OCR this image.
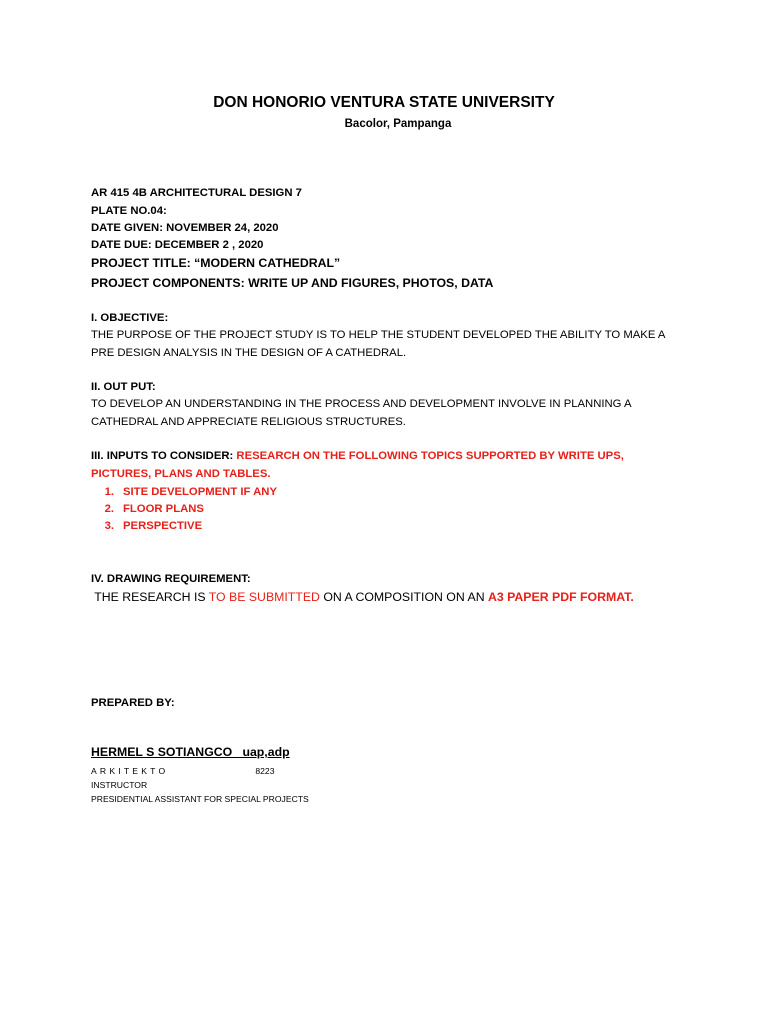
DON HONORIO VENTURA STATE UNIVERSITY
Bacolor, Pampanga
AR 415 4B ARCHITECTURAL DESIGN 7
PLATE NO.04:
DATE GIVEN: NOVEMBER 24, 2020
DATE DUE: DECEMBER 2 , 2020
PROJECT TITLE: “MODERN CATHEDRAL”
PROJECT COMPONENTS: WRITE UP AND FIGURES, PHOTOS, DATA
I. OBJECTIVE:
THE PURPOSE OF THE PROJECT STUDY IS TO HELP THE STUDENT DEVELOPED THE ABILITY TO MAKE A
PRE DESIGN ANALYSIS IN THE DESIGN OF A CATHEDRAL.
II. OUT PUT:
TO DEVELOP AN UNDERSTANDING IN THE PROCESS AND DEVELOPMENT INVOLVE IN PLANNING A
CATHEDRAL AND APPRECIATE RELIGIOUS STRUCTURES.
III. INPUTS TO CONSIDER: RESEARCH ON THE FOLLOWING TOPICS SUPPORTED BY WRITE UPS,
PICTURES, PLANS AND TABLES.
1. SITE DEVELOPMENT IF ANY
2. FLOOR PLANS
3. PERSPECTIVE
IV. DRAWING REQUIREMENT:
THE RESEARCH IS TO BE SUBMITTED ON A COMPOSITION ON AN A3 PAPER PDF FORMAT.
PREPARED BY:
HERMEL S SOTIANGCO   uap,adp
ARKITEKTO	8223
INSTRUCTOR
PRESIDENTIAL ASSISTANT FOR SPECIAL PROJECTS
